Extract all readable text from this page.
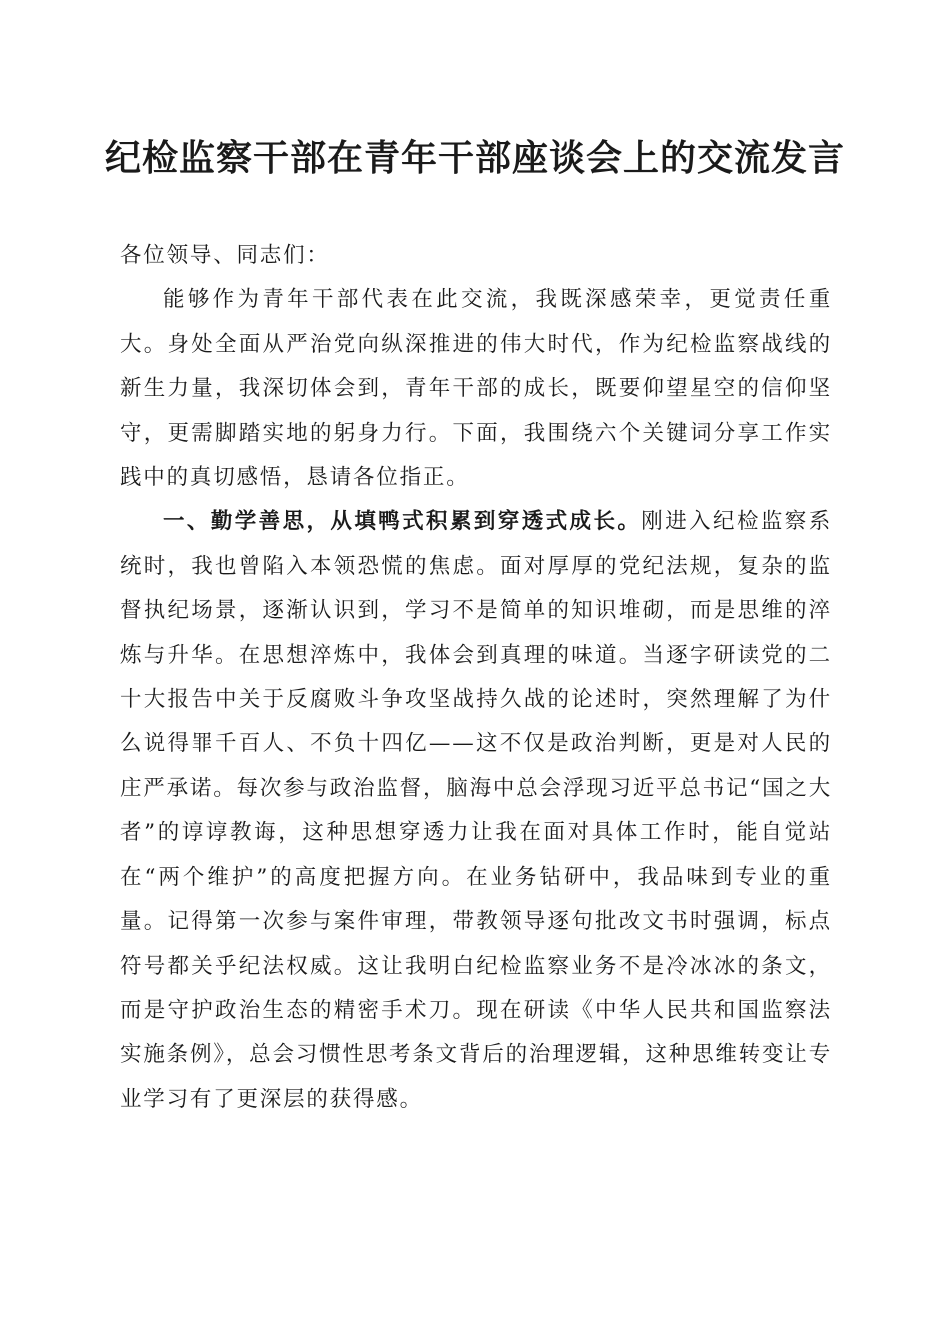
纪检监察干部在青年干部座谈会上的交流发言

各位领导、同志们：

能够作为青年干部代表在此交流，我既深感荣幸，更觉责任重大。身处全面从严治党向纵深推进的伟大时代，作为纪检监察战线的新生力量，我深切体会到，青年干部的成长，既要仰望星空的信仰坚守，更需脚踏实地的躬身力行。下面，我围绕六个关键词分享工作实践中的真切感悟，恳请各位指正。

一、勤学善思，从填鸭式积累到穿透式成长。刚进入纪检监察系统时，我也曾陷入本领恐慌的焦虑。面对厚厚的党纪法规，复杂的监督执纪场景，逐渐认识到，学习不是简单的知识堆砌，而是思维的淬炼与升华。在思想淬炼中，我体会到真理的味道。当逐字研读党的二十大报告中关于反腐败斗争攻坚战持久战的论述时，突然理解了为什么说得罪千百人、不负十四亿——这不仅是政治判断，更是对人民的庄严承诺。每次参与政治监督，脑海中总会浮现习近平总书记“国之大者”的谆谆教诲，这种思想穿透力让我在面对具体工作时，能自觉站在“两个维护”的高度把握方向。在业务钻研中，我品味到专业的重量。记得第一次参与案件审理，带教领导逐句批改文书时强调，标点符号都关乎纪法权威。这让我明白纪检监察业务不是冷冰冰的条文，而是守护政治生态的精密手术刀。现在研读《中华人民共和国监察法实施条例》，总会习惯性思考条文背后的治理逻辑，这种思维转变让专业学习有了更深层的获得感。
